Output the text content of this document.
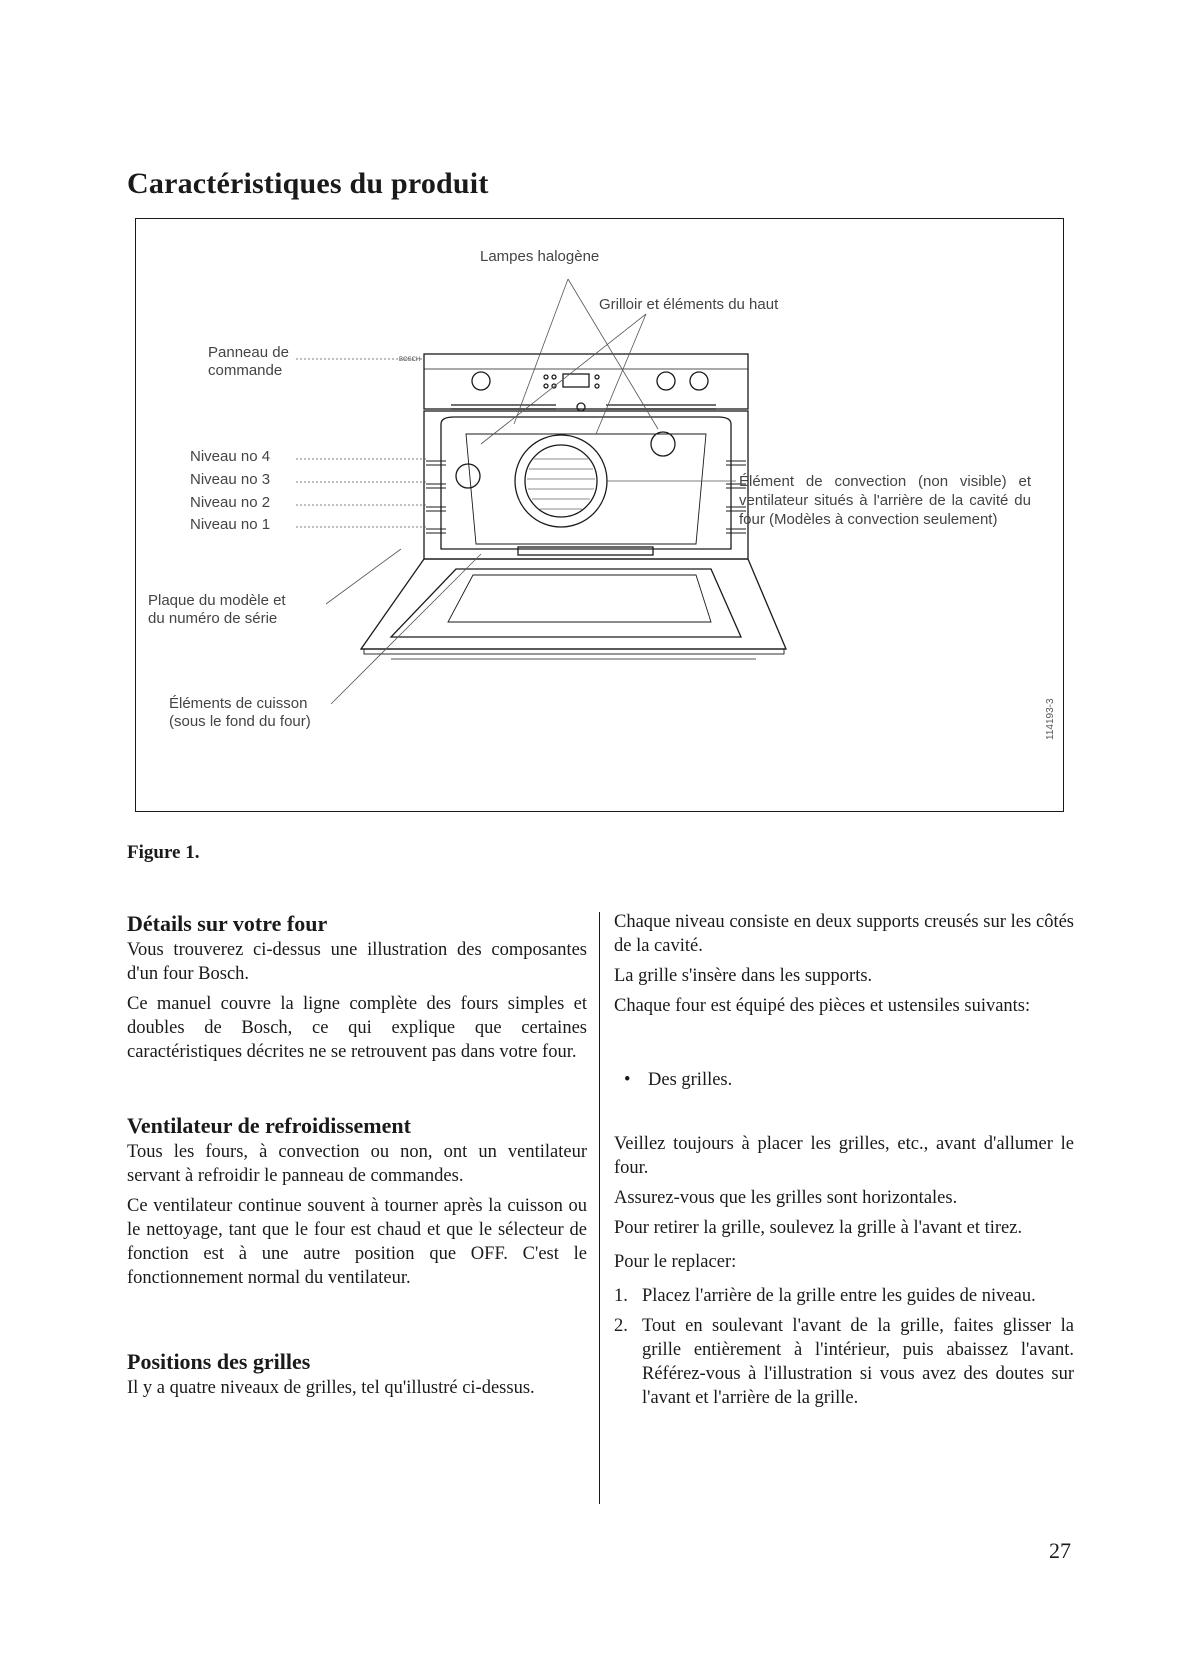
Caractéristiques du produit
Lampes halogène
Grilloir et éléments du haut
Panneau de
commande
BOSCH
Niveau no 4
Niveau no 3
Niveau no 2
Niveau no 1
Élément de convection (non visible) et ventilateur situés à l'arrière de la cavité du four (Modèles à convection seulement)
Plaque du modèle et
du numéro de série
Éléments de cuisson
(sous le fond du four)	114193-3
Figure 1.
Détails sur votre four

Vous trouverez ci-dessus une illustration des composantes d'un four Bosch.

Ce manuel couvre la ligne complète des fours simples et doubles de Bosch, ce qui explique que certaines caractéristiques décrites ne se retrouvent pas dans votre four.

Ventilateur de refroidissement

Tous les fours, à convection ou non, ont un ventilateur servant à refroidir le panneau de commandes.

Ce ventilateur continue souvent à tourner après la cuisson ou le nettoyage, tant que le four est chaud et que le sélecteur de fonction est à une autre position que OFF. C'est le fonctionnement normal du ventilateur.

Positions des grilles

Il y a quatre niveaux de grilles, tel qu'illustré ci-dessus.

Chaque niveau consiste en deux supports creusés sur les côtés de la cavité.

La grille s'insère dans les supports.

Chaque four est équipé des pièces et ustensiles suivants:

• Des grilles.

Veillez toujours à placer les grilles, etc., avant d'allumer le four.

Assurez-vous que les grilles sont horizontales.

Pour retirer la grille, soulevez la grille à l'avant et tirez.

Pour le replacer:

1. Placez l'arrière de la grille entre les guides de niveau.
2. Tout en soulevant l'avant de la grille, faites glisser la grille entièrement à l'intérieur, puis abaissez l'avant. Référez-vous à l'illustration si vous avez des doutes sur l'avant et l'arrière de la grille.
27
